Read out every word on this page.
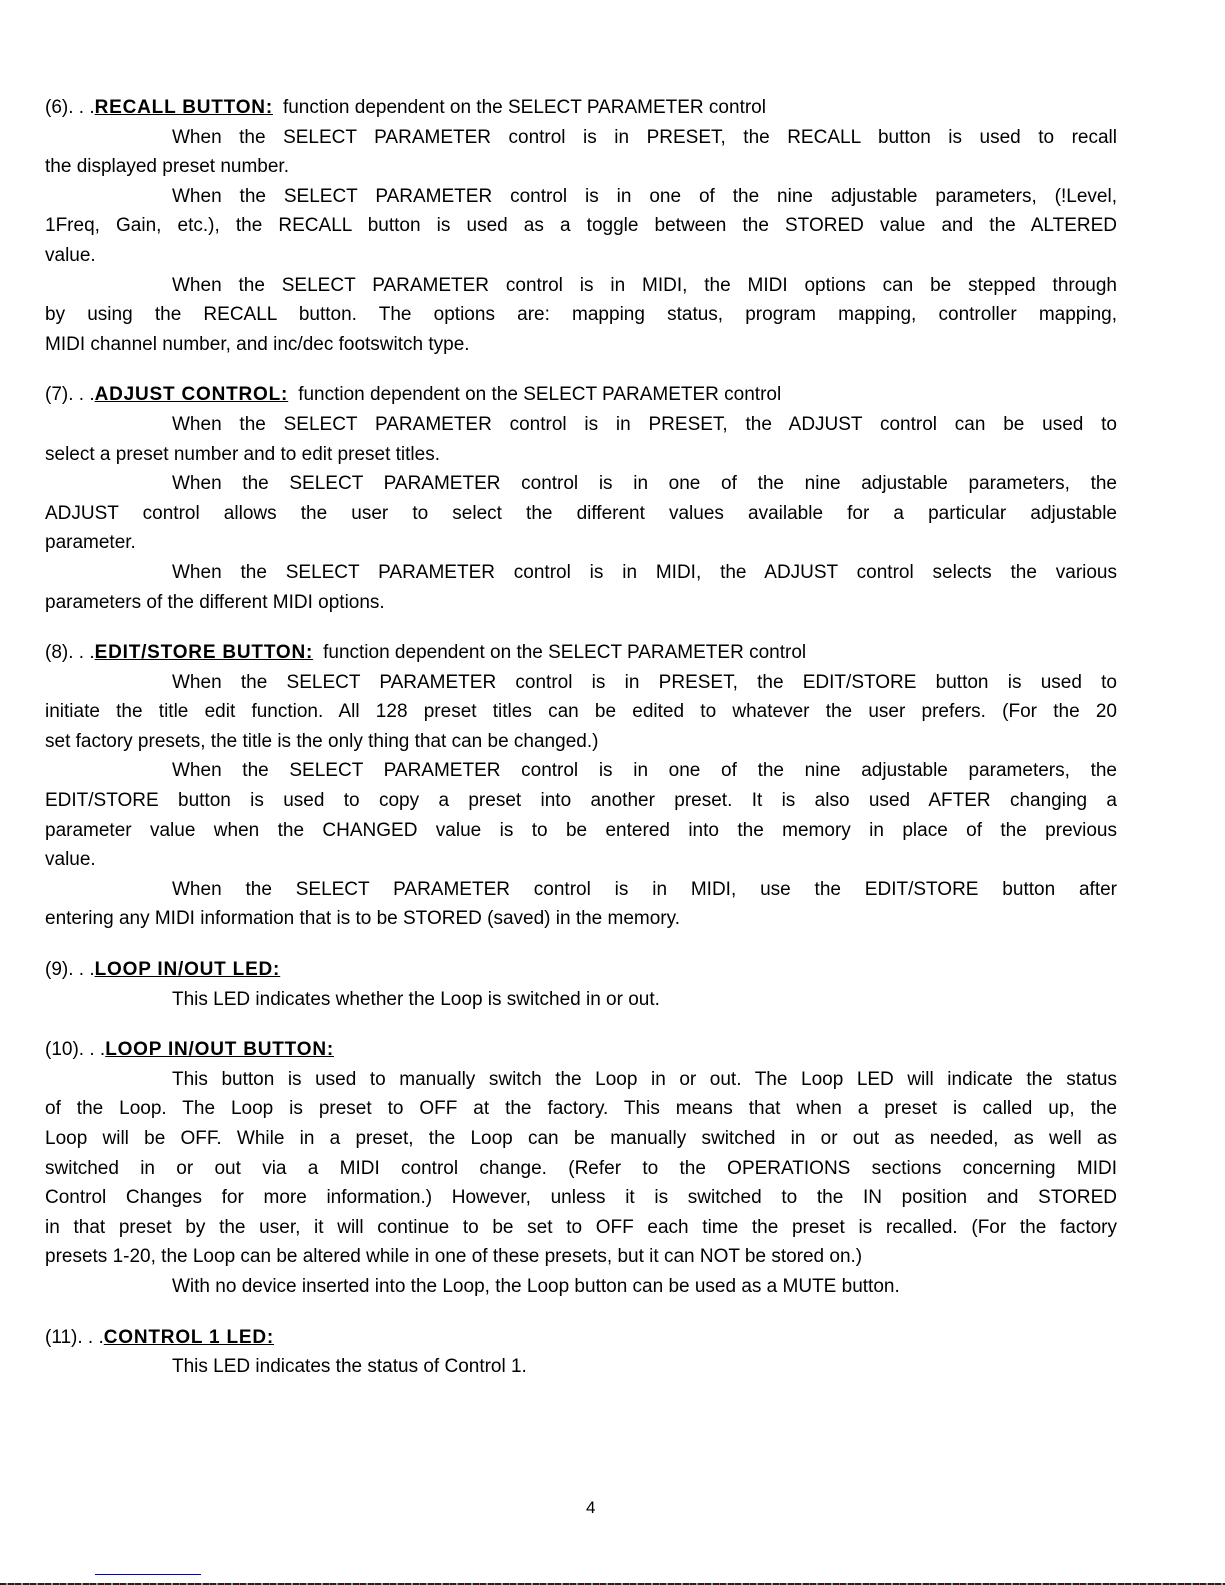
(6). . .RECALL BUTTON: function dependent on the SELECT PARAMETER control
When the SELECT PARAMETER control is in PRESET, the RECALL button is used to recall
the displayed preset number.
When the SELECT PARAMETER control is in one of the nine adjustable parameters, (!Level,
1Freq, Gain, etc.), the RECALL button is used as a toggle between the STORED value and the ALTERED
value.
When the SELECT PARAMETER control is in MIDI, the MIDI options can be stepped through
by using the RECALL button. The options are: mapping status, program mapping, controller mapping,
MIDI channel number, and inc/dec footswitch type.
(7). . .ADJUST CONTROL: function dependent on the SELECT PARAMETER control
When the SELECT PARAMETER control is in PRESET, the ADJUST control can be used to
select a preset number and to edit preset titles.
When the SELECT PARAMETER control is in one of the nine adjustable parameters, the
ADJUST control allows the user to select the different values available for a particular adjustable
parameter.
When the SELECT PARAMETER control is in MIDI, the ADJUST control selects the various
parameters of the different MIDI options.
(8). . .EDIT/STORE BUTTON: function dependent on the SELECT PARAMETER control
When the SELECT PARAMETER control is in PRESET, the EDIT/STORE button is used to
initiate the title edit function. All 128 preset titles can be edited to whatever the user prefers. (For the 20
set factory presets, the title is the only thing that can be changed.)
When the SELECT PARAMETER control is in one of the nine adjustable parameters, the
EDIT/STORE button is used to copy a preset into another preset. It is also used AFTER changing a
parameter value when the CHANGED value is to be entered into the memory in place of the previous
value.
When the SELECT PARAMETER control is in MIDI, use the EDIT/STORE button after
entering any MIDI information that is to be STORED (saved) in the memory.
(9). . .LOOP IN/OUT LED:
This LED indicates whether the Loop is switched in or out.
(10). . .LOOP IN/OUT BUTTON:
This button is used to manually switch the Loop in or out. The Loop LED will indicate the status
of the Loop. The Loop is preset to OFF at the factory. This means that when a preset is called up, the
Loop will be OFF. While in a preset, the Loop can be manually switched in or out as needed, as well as
switched in or out via a MIDI control change. (Refer to the OPERATIONS sections concerning MIDI
Control Changes for more information.) However, unless it is switched to the IN position and STORED
in that preset by the user, it will continue to be set to OFF each time the preset is recalled. (For the factory
presets 1-20, the Loop can be altered while in one of these presets, but it can NOT be stored on.)
With no device inserted into the Loop, the Loop button can be used as a MUTE button.
(11). . .CONTROL 1 LED:
This LED indicates the status of Control 1.
4
